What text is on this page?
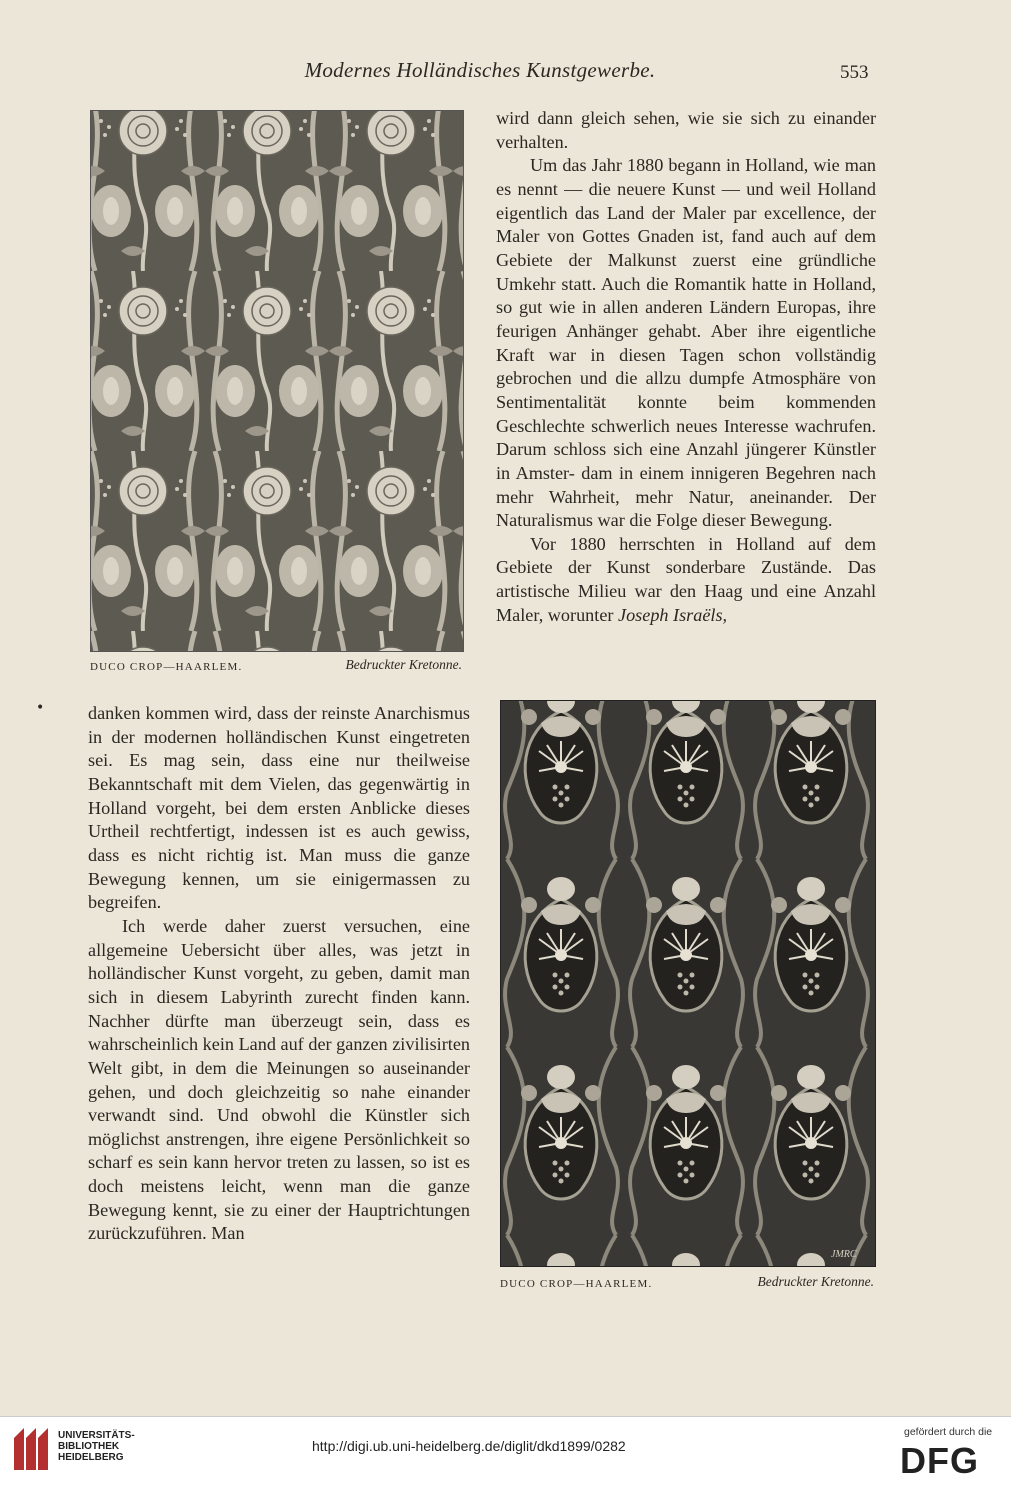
Modernes Holländisches Kunstgewerbe.	553
DUCO CROP—HAARLEM.	Bedruckter Kretonne.

wird dann gleich sehen, wie sie sich zu einander verhalten.

Um das Jahr 1880 begann in Holland, wie man es nennt — die neuere Kunst — und weil Holland eigentlich das Land der Maler par excellence, der Maler von Gottes Gnaden ist, fand auch auf dem Gebiete der Malkunst zuerst eine gründliche Umkehr statt. Auch die Romantik hatte in Holland, so gut wie in allen anderen Ländern Europas, ihre feurigen Anhänger gehabt. Aber ihre eigentliche Kraft war in diesen Tagen schon vollständig gebrochen und die allzu dumpfe Atmosphäre von Sentimentalität konnte beim kommenden Geschlechte schwerlich neues Interesse wachrufen. Darum schloss sich eine Anzahl jüngerer Künstler in Amster- dam in einem innigeren Begehren nach mehr Wahrheit, mehr Natur, aneinander. Der Naturalismus war die Folge dieser Bewegung.

Vor 1880 herrschten in Holland auf dem Gebiete der Kunst sonderbare Zustände. Das artistische Milieu war den Haag und eine Anzahl Maler, worunter Joseph Israëls,

• danken kommen wird, dass der reinste Anarchismus in der modernen holländischen Kunst eingetreten sei. Es mag sein, dass eine nur theilweise Bekanntschaft mit dem Vielen, das gegenwärtig in Holland vorgeht, bei dem ersten Anblicke dieses Urtheil rechtfertigt, indessen ist es auch gewiss, dass es nicht richtig ist. Man muss die ganze Bewegung kennen, um sie einigermassen zu begreifen.

Ich werde daher zuerst versuchen, eine allgemeine Uebersicht über alles, was jetzt in holländischer Kunst vorgeht, zu geben, damit man sich in diesem Labyrinth zurecht finden kann. Nachher dürfte man überzeugt sein, dass es wahrscheinlich kein Land auf der ganzen zivilisirten Welt gibt, in dem die Meinungen so auseinander gehen, und doch gleichzeitig so nahe einander verwandt sind. Und obwohl die Künstler sich möglichst anstrengen, ihre eigene Persönlichkeit so scharf es sein kann hervor treten zu lassen, so ist es doch meistens leicht, wenn man die ganze Bewegung kennt, sie zu einer der Hauptrichtungen zurückzuführen. Man

JMRC
DUCO CROP—HAARLEM.	Bedruckter Kretonne.
UNIVERSITÄTS-
BIBLIOTHEK
HEIDELBERG
http://digi.ub.uni-heidelberg.de/diglit/dkd1899/0282
gefördert durch die
DFG
